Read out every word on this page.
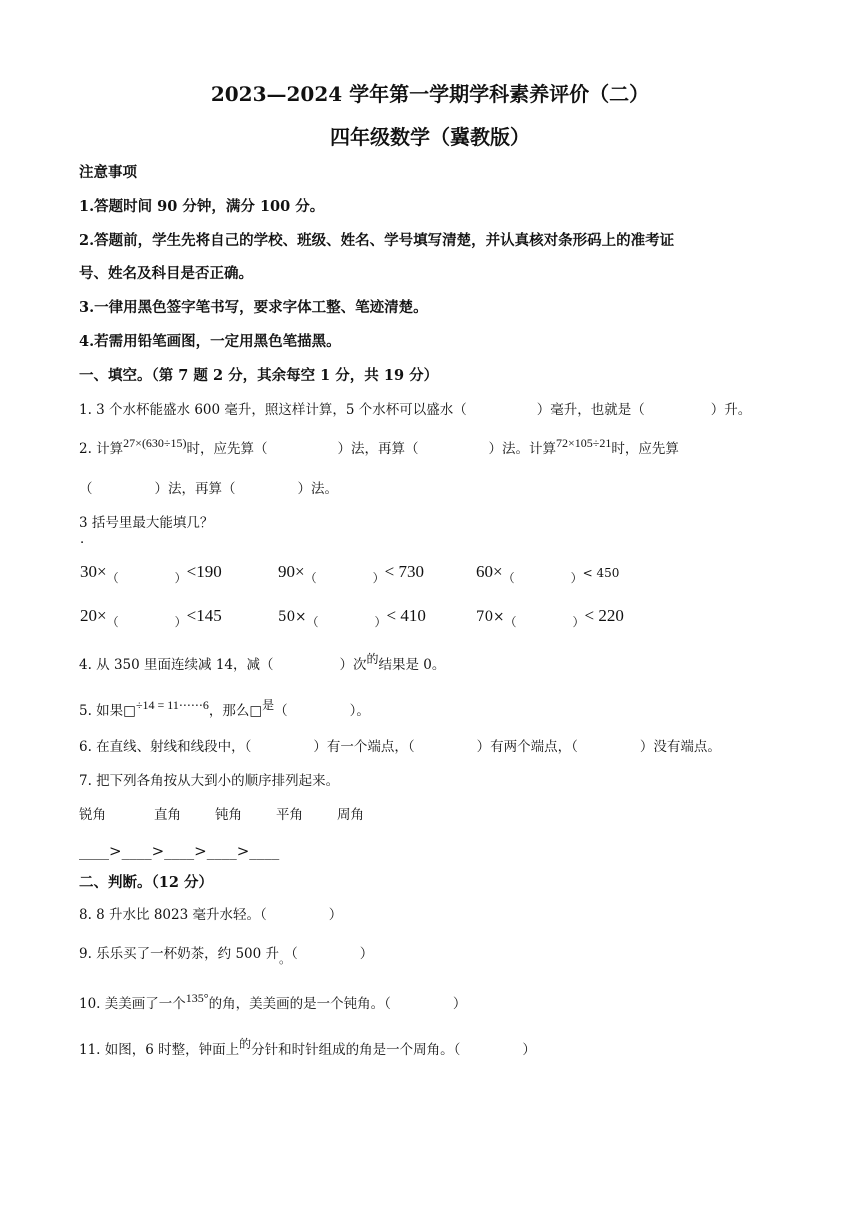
2023—2024 学年第一学期学科素养评价（二）
四年级数学（冀教版）
注意事项
1.答题时间 90 分钟，满分 100 分。
2.答题前，学生先将自己的学校、班级、姓名、学号填写清楚，并认真核对条形码上的准考证
号、姓名及科目是否正确。
3.一律用黑色签字笔书写，要求字体工整、笔迹清楚。
4.若需用铅笔画图，一定用黑色笔描黑。
一、填空。（第 7 题 2 分，其余每空 1 分，共 19 分）
1. 3 个水杯能盛水 600 毫升，照这样计算，5 个水杯可以盛水（	）毫升，也就是（	）升。
2. 计算27×(630÷15)时，应先算（	）法，再算（	）法。计算72×105÷21时，应先算
（	）法，再算（	）法。
3 括号里最大能填几？
．
30×（	）<190	90×（	）< 730	60×（	）< 450
20×（	）<145	50×（	）< 410	70×（	）< 220
4. 从 350 里面连续减 14，减（	）次的结果是 0。
5. 如果□÷14 = 11⋯⋯6，那么□是（	）。
6. 在直线、射线和线段中，（	）有一个端点，（	）有两个端点，（	）没有端点。
7. 把下列各角按从大到小的顺序排列起来。
锐角	直角	钝角	平角	周角
____>____>____>____>____
二、判断。（12 分）
8. 8 升水比 8023 毫升水轻。（	）
9. 乐乐买了一杯奶茶，约 500 升。（	）
10. 美美画了一个135°的角，美美画的是一个钝角。（	）
11. 如图，6 时整，钟面上的分针和时针组成的角是一个周角。（	）
